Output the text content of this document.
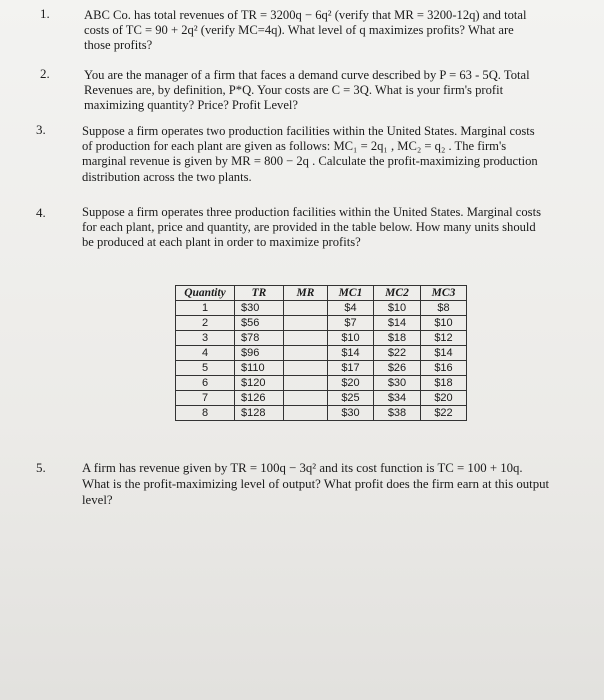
1.	ABC Co. has total revenues of TR = 3200q − 6q² (verify that MR = 3200-12q) and total

costs of TC = 90 + 2q² (verify MC=4q). What level of q maximizes profits? What are

those profits?

2.	You are the manager of a firm that faces a demand curve described by P = 63 - 5Q. Total

Revenues are, by definition, P*Q. Your costs are C = 3Q. What is your firm's profit

maximizing quantity? Price? Profit Level?

3.	Suppose a firm operates two production facilities within the United States. Marginal costs

of production for each plant are given as follows: MC₁ = 2q₁ , MC₂ = q₂ . The firm's

marginal revenue is given by MR = 800 − 2q . Calculate the profit-maximizing production

distribution across the two plants.

4.	Suppose a firm operates three production facilities within the United States. Marginal costs

for each plant, price and quantity, are provided in the table below. How many units should

be produced at each plant in order to maximize profits?

Quantity	TR	MR	MC1	MC2	MC3
1	$30		$4	$10	$8
2	$56		$7	$14	$10
3	$78		$10	$18	$12
4	$96		$14	$22	$14
5	$110		$17	$26	$16
6	$120		$20	$30	$18
7	$126		$25	$34	$20
8	$128		$30	$38	$22
5.	A firm has revenue given by TR = 100q − 3q² and its cost function is TC = 100 + 10q.

What is the profit-maximizing level of output? What profit does the firm earn at this output

level?
